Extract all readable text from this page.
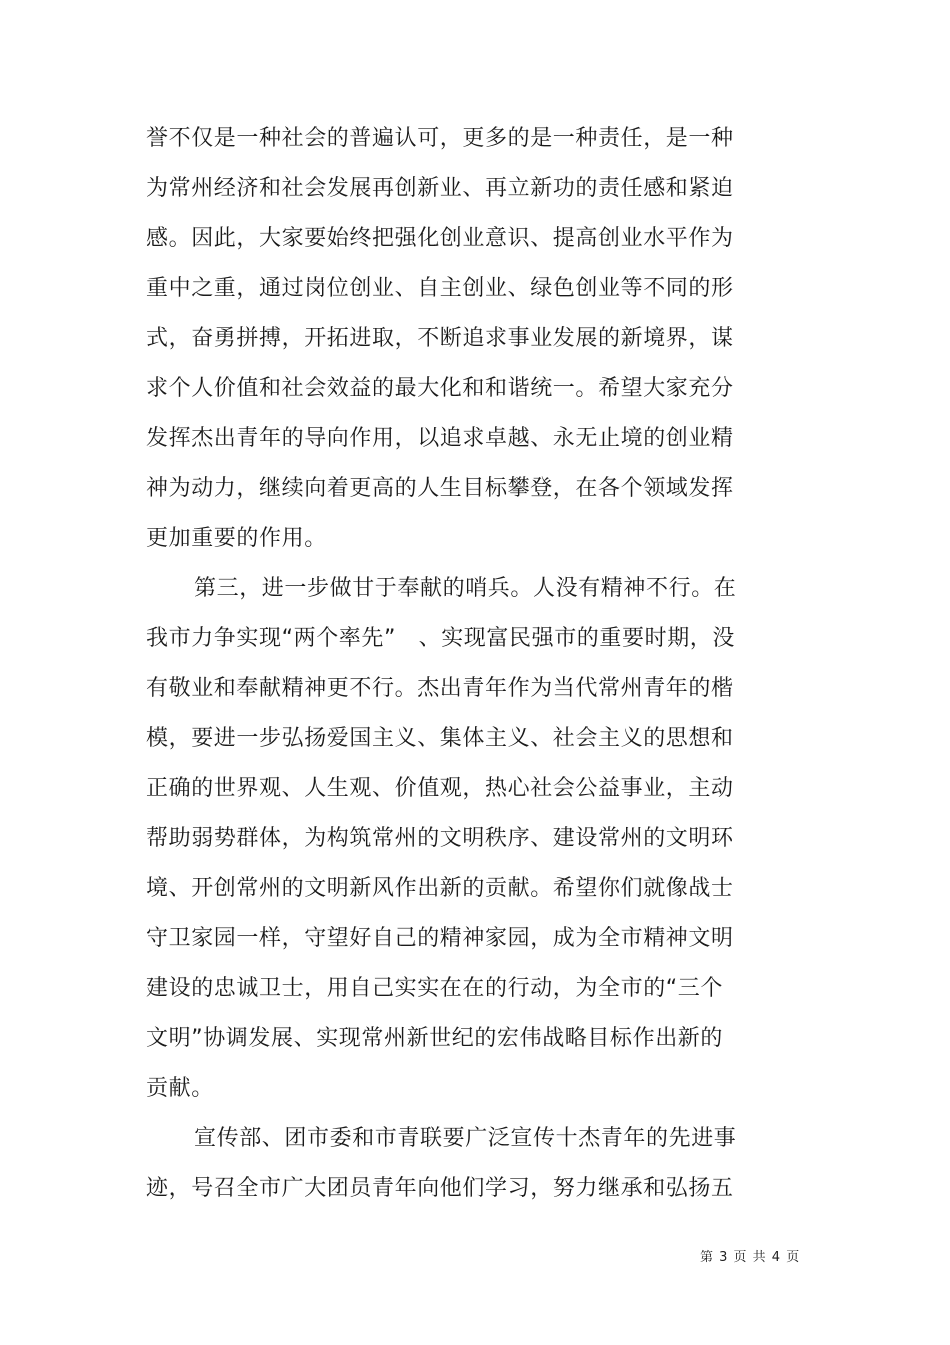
誉不仅是一种社会的普遍认可，更多的是一种责任，是一种
为常州经济和社会发展再创新业、再立新功的责任感和紧迫
感。因此，大家要始终把强化创业意识、提高创业水平作为
重中之重，通过岗位创业、自主创业、绿色创业等不同的形
式，奋勇拼搏，开拓进取，不断追求事业发展的新境界，谋
求个人价值和社会效益的最大化和和谐统一。希望大家充分
发挥杰出青年的导向作用，以追求卓越、永无止境的创业精
神为动力，继续向着更高的人生目标攀登，在各个领域发挥
更加重要的作用。
第三，进一步做甘于奉献的哨兵。人没有精神不行。在
我市力争实现“两个率先”　、实现富民强市的重要时期，没
有敬业和奉献精神更不行。杰出青年作为当代常州青年的楷
模，要进一步弘扬爱国主义、集体主义、社会主义的思想和
正确的世界观、人生观、价值观，热心社会公益事业，主动
帮助弱势群体，为构筑常州的文明秩序、建设常州的文明环
境、开创常州的文明新风作出新的贡献。希望你们就像战士
守卫家园一样，守望好自己的精神家园，成为全市精神文明
建设的忠诚卫士，用自己实实在在的行动，为全市的“三个
文明”协调发展、实现常州新世纪的宏伟战略目标作出新的
贡献。
宣传部、团市委和市青联要广泛宣传十杰青年的先进事
迹，号召全市广大团员青年向他们学习，努力继承和弘扬五
第 3 页 共 4 页
